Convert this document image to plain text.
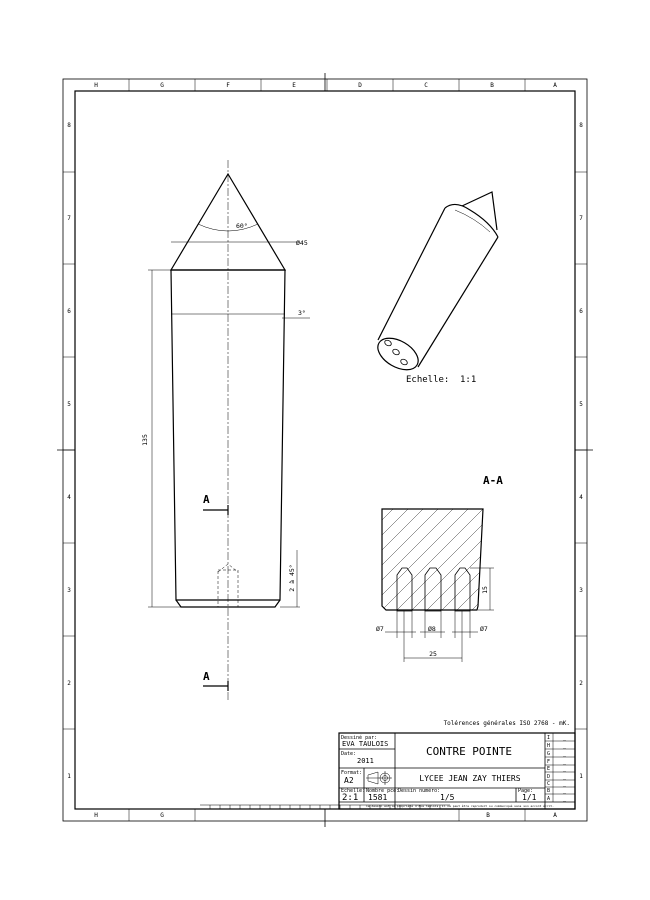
H	G	F	E	D	C	B	A
H	G	B	A
8
7
6
5
4
3
2
1
8
7
6
5
4
3
2
1
60°
Ø45
3°
135
2 à 45°
A
A
Echelle: 1:1
A-A
15
Ø7	Ø8	Ø7
25
Tolérences générales ISO 2768 - mK.
Dessiné par:
EVA TAULOIS
Date:
2011
CONTRE POINTE
Format:
A2	LYCEE JEAN ZAY THIERS
Echelle:
2:1
Nombre pce:
1581
Dessin numéro:
1/5
Page:
1/1
Ce dessin est la propriété d'Eva Taulois. Il ne peut être reproduit ou communiqué sans son accord écrit.
I
H
G
F
E
D
C
B
A
_
_
_
_
_
_
_
_
_
